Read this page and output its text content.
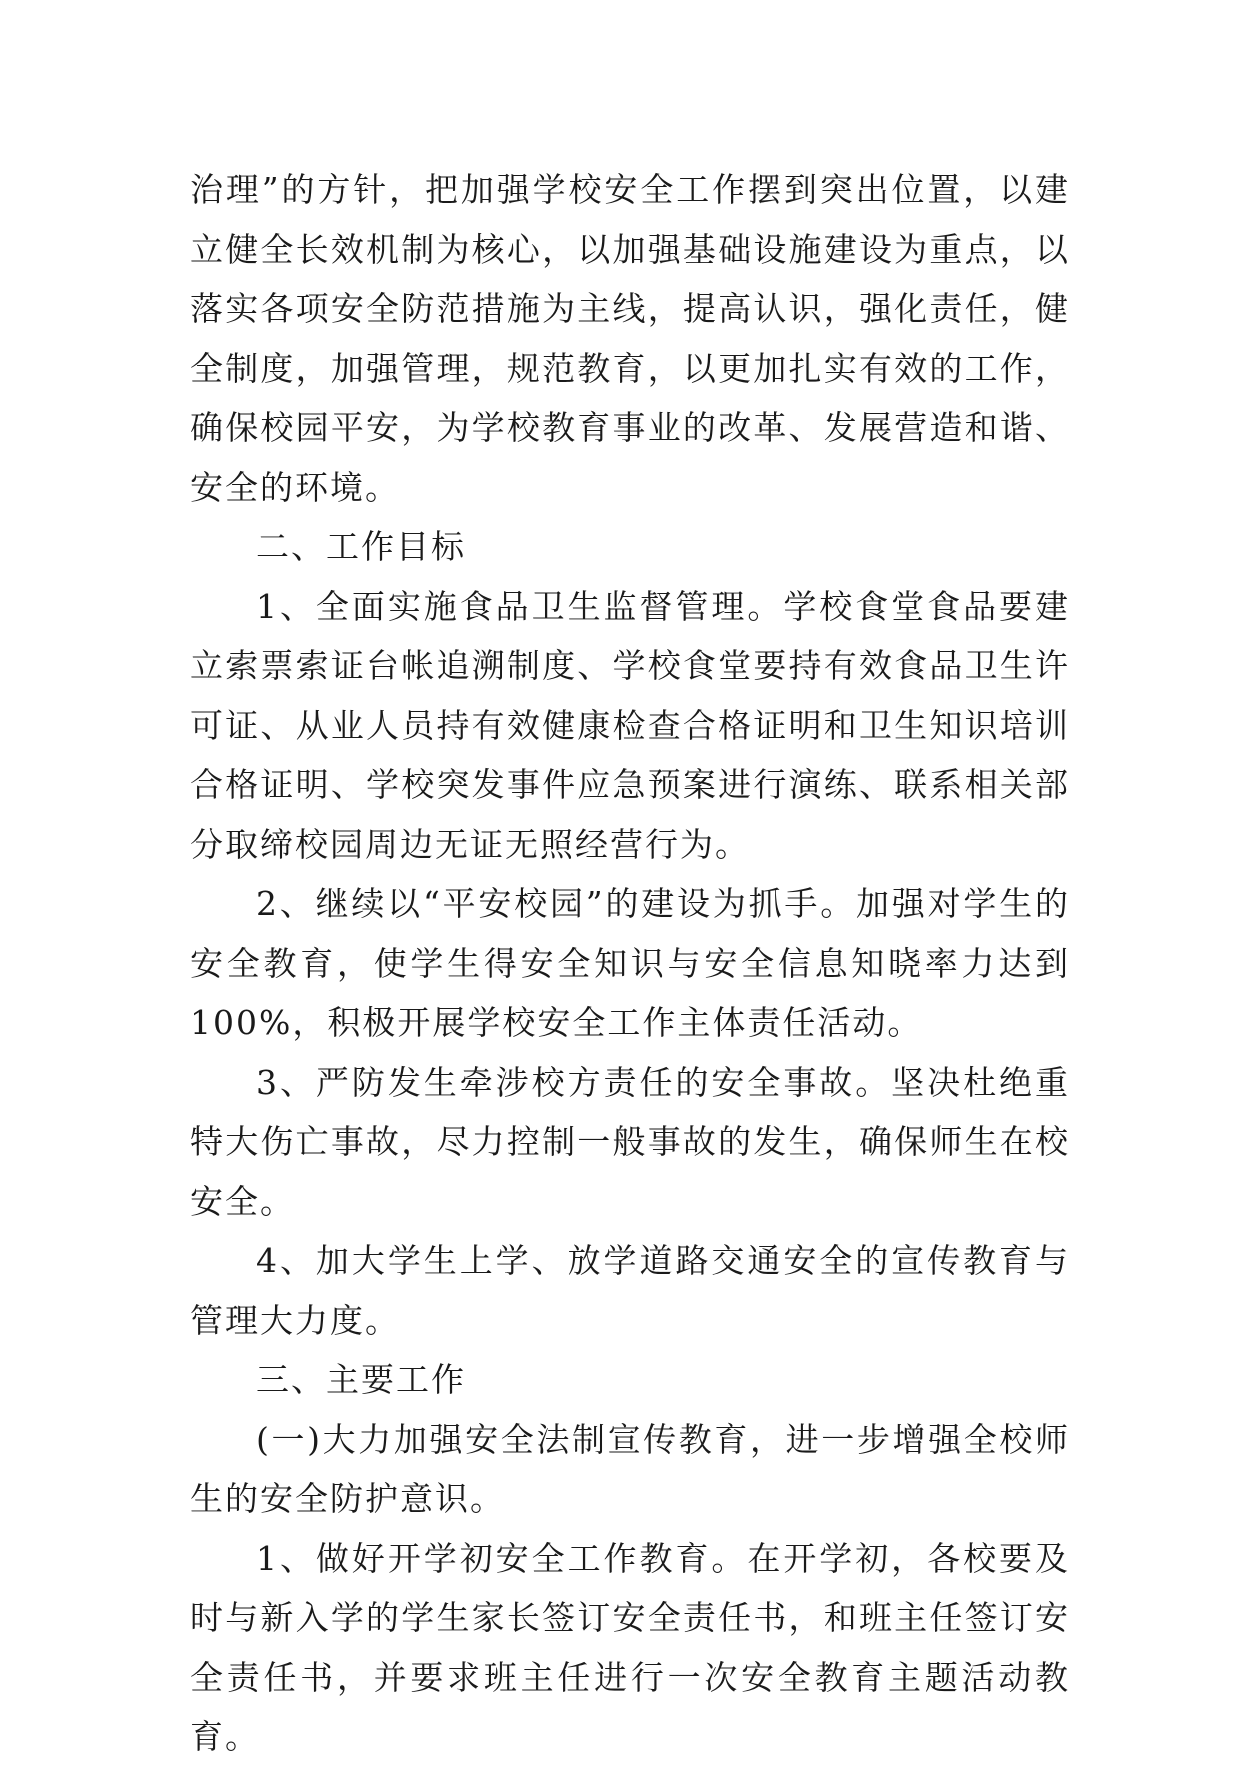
治理”的方针，把加强学校安全工作摆到突出位置，以建立健全长效机制为核心，以加强基础设施建设为重点，以落实各项安全防范措施为主线，提高认识，强化责任，健全制度，加强管理，规范教育，以更加扎实有效的工作，确保校园平安，为学校教育事业的改革、发展营造和谐、安全的环境。

二、工作目标

1、全面实施食品卫生监督管理。学校食堂食品要建立索票索证台帐追溯制度、学校食堂要持有效食品卫生许可证、从业人员持有效健康检查合格证明和卫生知识培训合格证明、学校突发事件应急预案进行演练、联系相关部分取缔校园周边无证无照经营行为。

2、继续以“平安校园”的建设为抓手。加强对学生的安全教育，使学生得安全知识与安全信息知晓率力达到100%，积极开展学校安全工作主体责任活动。

3、严防发生牵涉校方责任的安全事故。坚决杜绝重特大伤亡事故，尽力控制一般事故的发生，确保师生在校安全。

4、加大学生上学、放学道路交通安全的宣传教育与管理大力度。

三、主要工作

(一)大力加强安全法制宣传教育，进一步增强全校师生的安全防护意识。

1、做好开学初安全工作教育。在开学初，各校要及时与新入学的学生家长签订安全责任书，和班主任签订安全责任书，并要求班主任进行一次安全教育主题活动教育。
